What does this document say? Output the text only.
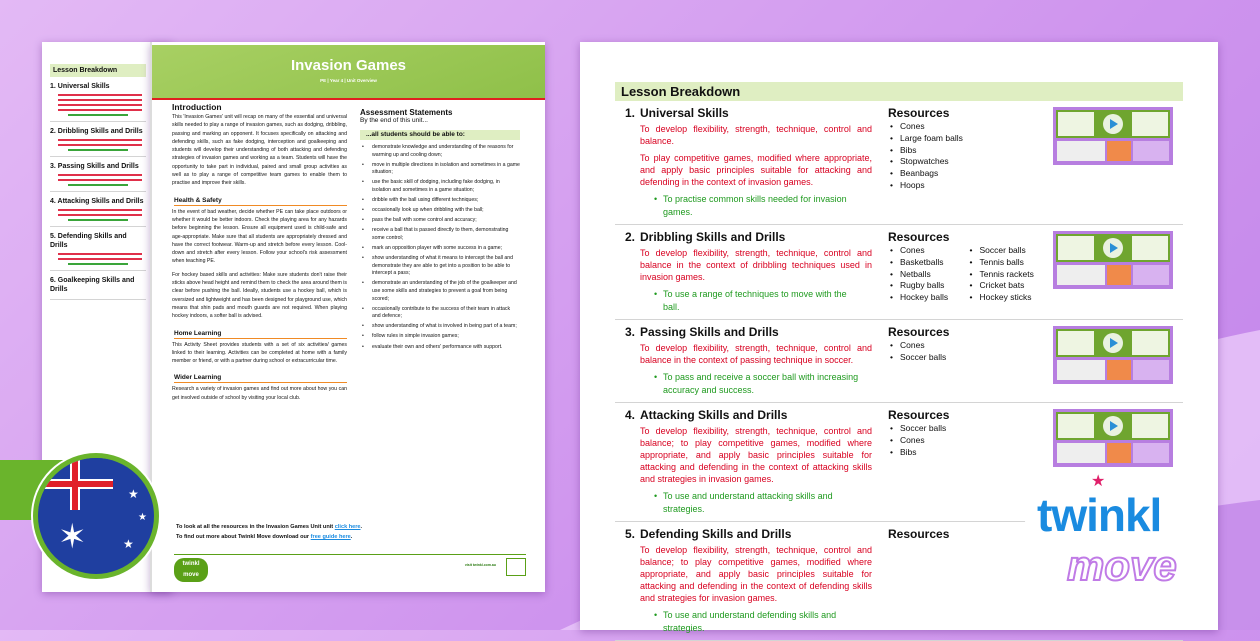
Lesson Breakdown
1. Universal Skills
2. Dribbling Skills and Drills
3. Passing Skills and Drills
4. Attacking Skills and Drills
5. Defending Skills and Drills
6. Goalkeeping Skills and Drills
Invasion Games
PE | Year 4 | Unit Overview
Introduction

This 'Invasion Games' unit will recap on many of the essential and universal skills needed to play a range of invasion games, such as dodging, dribbling, passing and marking an opponent. It focuses specifically on attacking and defending skills, such as fake dodging, interception and goalkeeping and students will develop their understanding of both attacking and defending strategies of invasion games and working as a team. Students will have the opportunity to take part in individual, paired and small group activities as well as to play a range of competitive team games to enable them to practise and improve their skills.

Health & Safety

In the event of bad weather, decide whether PE can take place outdoors or whether it would be better indoors. Check the playing area for any hazards before beginning the lesson. Ensure all equipment used is child-safe and age-appropriate. Make sure that all students are appropriately dressed and have the correct footwear. Warm-up and stretch before every lesson. Cool-down and stretch after every lesson. Follow your school's risk assessment when teaching PE.

For hockey based skills and activities: Make sure students don't raise their sticks above head height and remind them to check the area around them is clear before pushing the ball. Ideally, students use a hockey ball, which is oversized and lightweight and has been designed for playground use, which means that shin pads and mouth guards are not required. When playing hockey indoors, a softer ball is advised.

Home Learning

This Activity Sheet provides students with a set of six activities/ games linked to their learning. Activities can be completed at home with a family member or friend, or with a partner during school or extracurricular time.

Wider Learning

Research a variety of invasion games and find out more about how you can get involved outside of school by visiting your local club.

Assessment Statements
By the end of this unit...
...all students should be able to:
• demonstrate knowledge and understanding of the reasons for warming up and cooling down;
• move in multiple directions in isolation and sometimes in a game situation;
• use the basic skill of dodging, including fake dodging, in isolation and sometimes in a game situation;
• dribble with the ball using different techniques;
• occasionally look up when dribbling with the ball;
• pass the ball with some control and accuracy;
• receive a ball that is passed directly to them, demonstrating some control;
• mark an opposition player with some success in a game;
• show understanding of what it means to intercept the ball and demonstrate they are able to get into a position to be able to intercept a pass;
• demonstrate an understanding of the job of the goalkeeper and use some skills and strategies to prevent a goal from being scored;
• occasionally contribute to the success of their team in attack and defence;
• show understanding of what is involved in being part of a team;
• follow rules in simple invasion games;
• evaluate their own and others' performance with support.
To look at all the resources in the Invasion Games Unit unit click here.
To find out more about Twinkl Move download our free guide here.
twinkl move
visit twinkl.com.au
Lesson Breakdown
1. Universal Skills
To develop flexibility, strength, technique, control and balance.
To play competitive games, modified where appropriate, and apply basic principles suitable for attacking and defending in the context of invasion games.
• To practise common skills needed for invasion games.
Resources
• Cones
• Large foam balls
• Bibs
• Stopwatches
• Beanbags
• Hoops
2. Dribbling Skills and Drills
To develop flexibility, strength, technique, control and balance in the context of dribbling techniques used in invasion games.
• To use a range of techniques to move with the ball.
Resources
• Cones
• Basketballs
• Netballs
• Rugby balls
• Hockey balls
• Soccer balls
• Tennis balls
• Tennis rackets
• Cricket bats
• Hockey sticks
3. Passing Skills and Drills
To develop flexibility, strength, technique, control and balance in the context of passing technique in soccer.
• To pass and receive a soccer ball with increasing accuracy and success.
Resources
• Cones
• Soccer balls
4. Attacking Skills and Drills
To develop flexibility, strength, technique, control and balance; to play competitive games, modified where appropriate, and apply basic principles suitable for attacking and defending in the context of attacking skills and strategies in invasion games.
• To use and understand attacking skills and strategies.
Resources
• Soccer balls
• Cones
• Bibs
5. Defending Skills and Drills
To develop flexibility, strength, technique, control and balance; to play competitive games, modified where appropriate, and apply basic principles suitable for attacking and defending in the context of defending skills and strategies for invasion games.
• To use and understand defending skills and strategies.
Resources
✶
★
★
★
★
twinkl
move
